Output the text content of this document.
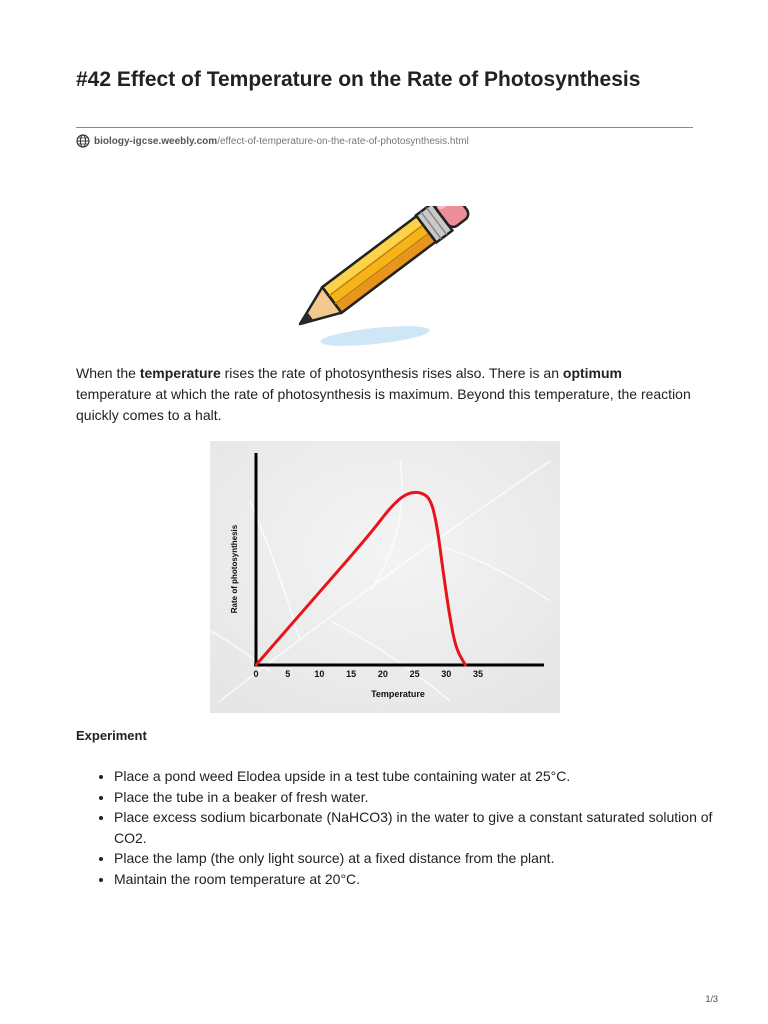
#42 Effect of Temperature on the Rate of Photosynthesis
biology-igcse.weebly.com /effect-of-temperature-on-the-rate-of-photosynthesis.html

When the temperature rises the rate of photosynthesis rises also. There is an optimum temperature at which the rate of photosynthesis is maximum. Beyond this temperature, the reaction quickly comes to a halt.

0	5	10 15 20 25 30 35
Rate of photosynthesis
Temperature
Experiment
• Place a pond weed Elodea upside in a test tube containing water at 25°C.
• Place the tube in a beaker of fresh water.
• Place excess sodium bicarbonate (NaHCO3) in the water to give a constant saturated solution of CO2.
• Place the lamp (the only light source) at a fixed distance from the plant.
• Maintain the room temperature at 20°C.
1/3
